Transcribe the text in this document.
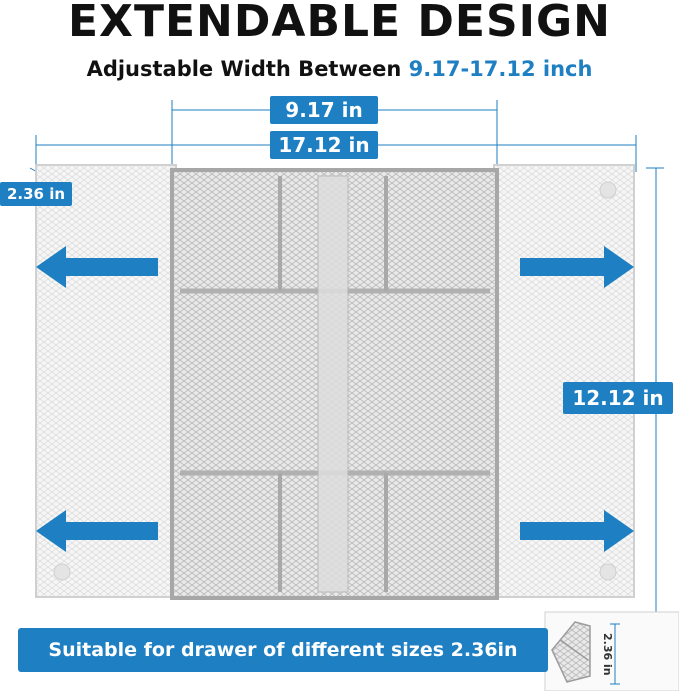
EXTENDABLE DESIGN
Adjustable Width Between 9.17-17.12 inch
9.17 in
17.12 in
2.36 in
12.12 in
Suitable for drawer of different sizes 2.36in	2.36 in
